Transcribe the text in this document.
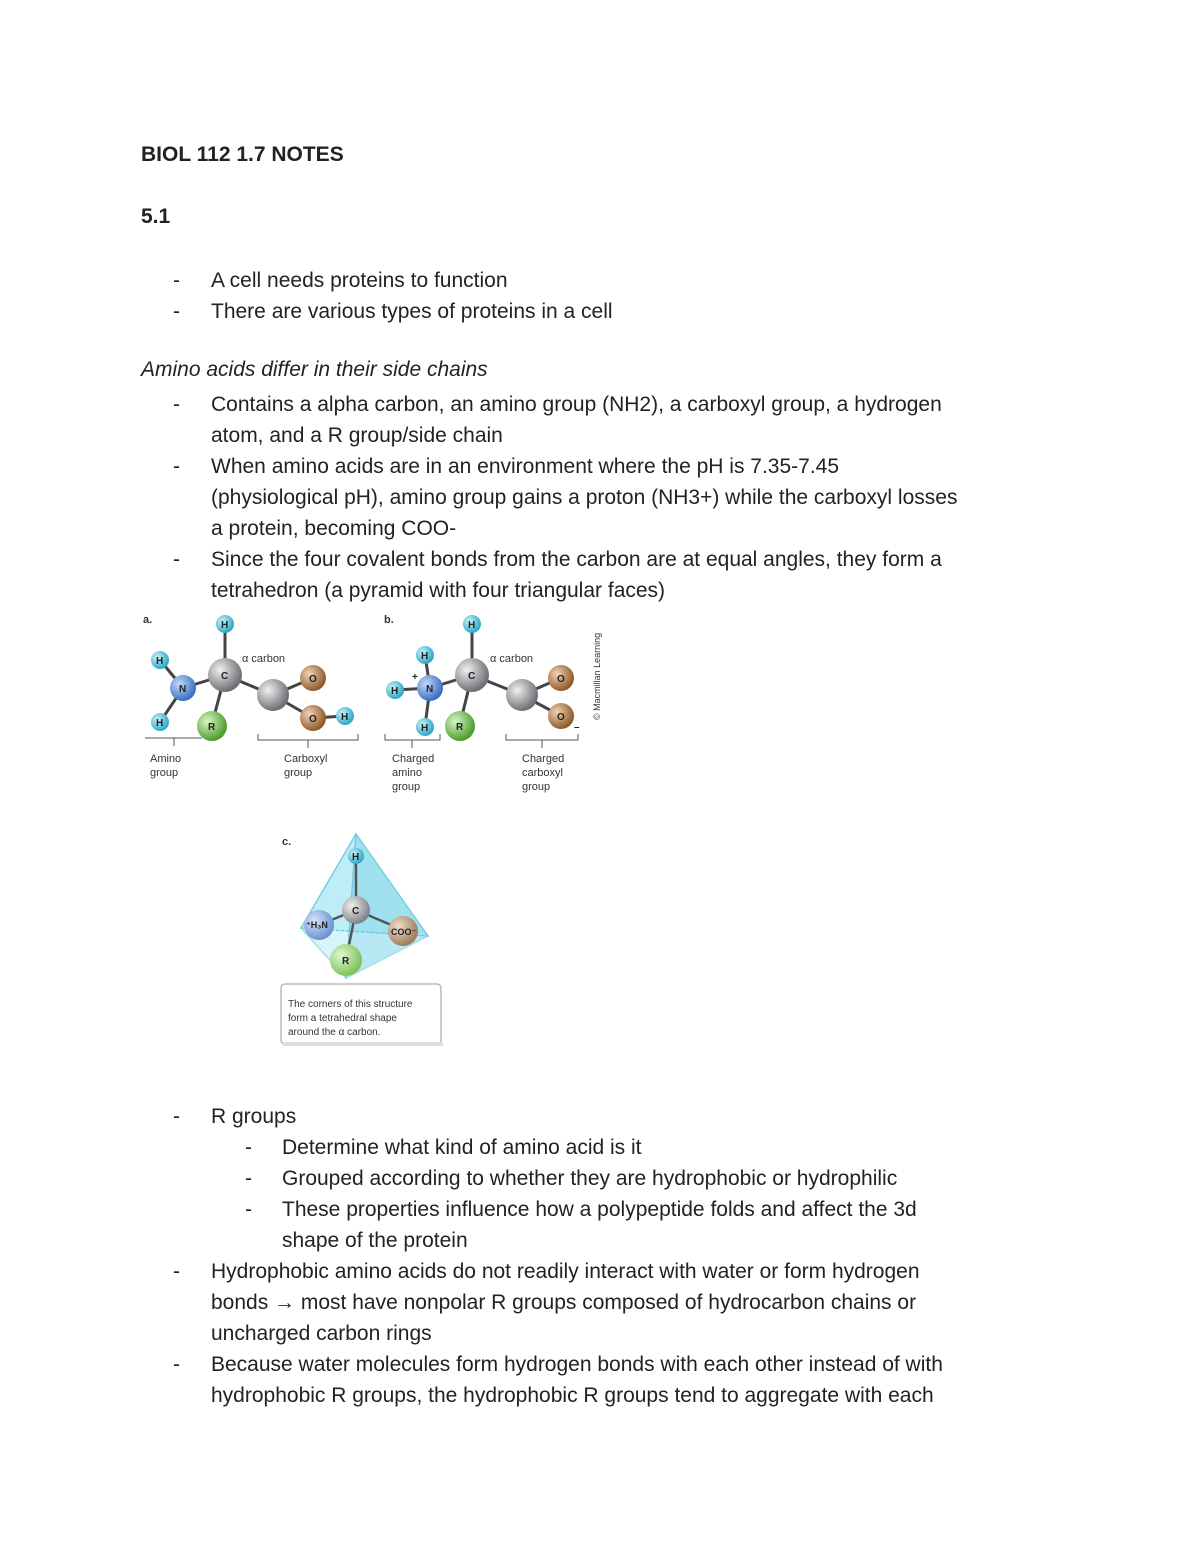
BIOL 112 1.7 NOTES
5.1
- A cell needs proteins to function
- There are various types of proteins in a cell
Amino acids differ in their side chains
- Contains a alpha carbon, an amino group (NH2), a carboxyl group, a hydrogen
atom, and a R group/side chain
- When amino acids are in an environment where the pH is 7.35-7.45
(physiological pH), amino group gains a proton (NH3+) while the carboxyl losses
a protein, becoming COO-
- Since the four covalent bonds from the carbon are at equal angles, they form a
tetrahedron (a pyramid with four triangular faces)
a.	b.
α carbon
H
H
H
N
R
C	O
O H
Amino
group
Carboxyl
group
α carbon
H
H
H
H
N
+
R
C	O
O
–
Charged
amino
group
Charged
carboxyl
group
© Macmillan Learning
c.
H
⁺H₃N
R
C
COO⁻
The corners of this structure
form a tetrahedral shape
around the α carbon.
- R groups
- Determine what kind of amino acid is it
- Grouped according to whether they are hydrophobic or hydrophilic
- These properties influence how a polypeptide folds and affect the 3d
shape of the protein
- Hydrophobic amino acids do not readily interact with water or form hydrogen
bonds → most have nonpolar R groups composed of hydrocarbon chains or
uncharged carbon rings
- Because water molecules form hydrogen bonds with each other instead of with
hydrophobic R groups, the hydrophobic R groups tend to aggregate with each
